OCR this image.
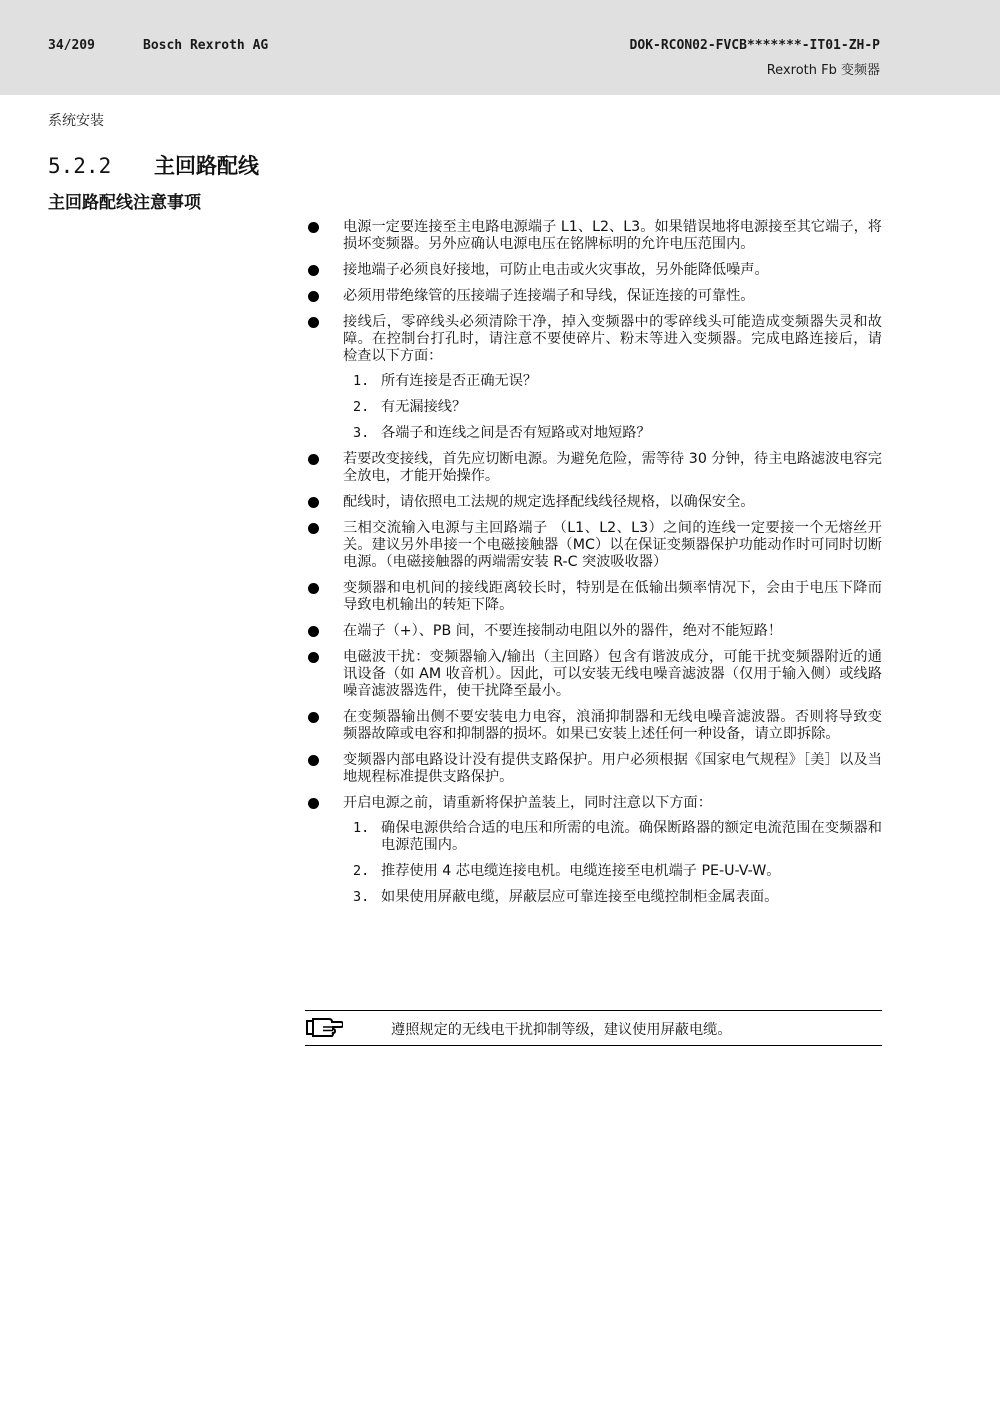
34/209	Bosch Rexroth AG	DOK-RCON02-FVCB*******-IT01-ZH-P
Rexroth Fb 变频器
系统安装
5.2.2 主回路配线
主回路配线注意事项
电源一定要连接至主电路电源端子 L1、L2、L3。如果错误地将电源接至其它端子，将损坏变频器。另外应确认电源电压在铭牌标明的允许电压范围内。
接地端子必须良好接地，可防止电击或火灾事故，另外能降低噪声。
必须用带绝缘管的压接端子连接端子和导线，保证连接的可靠性。
接线后，零碎线头必须清除干净，掉入变频器中的零碎线头可能造成变频器失灵和故障。在控制台打孔时，请注意不要使碎片、粉末等进入变频器。完成电路连接后，请检查以下方面：
1. 所有连接是否正确无误？
2. 有无漏接线？
3. 各端子和连线之间是否有短路或对地短路？
若要改变接线，首先应切断电源。为避免危险，需等待 30 分钟，待主电路滤波电容完全放电，才能开始操作。
配线时，请依照电工法规的规定选择配线线径规格，以确保安全。
三相交流输入电源与主回路端子 （L1、L2、L3）之间的连线一定要接一个无熔丝开关。建议另外串接一个电磁接触器（MC）以在保证变频器保护功能动作时可同时切断电源。（电磁接触器的两端需安装 R-C 突波吸收器）
变频器和电机间的接线距离较长时，特别是在低输出频率情况下，会由于电压下降而导致电机输出的转矩下降。
在端子（+）、PB 间，不要连接制动电阻以外的器件，绝对不能短路！
电磁波干扰：变频器输入/输出（主回路）包含有谐波成分，可能干扰变频器附近的通讯设备（如 AM 收音机）。因此，可以安装无线电噪音滤波器（仅用于输入侧）或线路噪音滤波器选件，使干扰降至最小。
在变频器输出侧不要安装电力电容，浪涌抑制器和无线电噪音滤波器。否则将导致变频器故障或电容和抑制器的损坏。如果已安装上述任何一种设备，请立即拆除。
变频器内部电路设计没有提供支路保护。用户必须根据《国家电气规程》［美］以及当地规程标准提供支路保护。
开启电源之前，请重新将保护盖装上，同时注意以下方面：
1. 确保电源供给合适的电压和所需的电流。确保断路器的额定电流范围在变频器和电源范围内。
2. 推荐使用 4 芯电缆连接电机。电缆连接至电机端子 PE-U-V-W。
3. 如果使用屏蔽电缆，屏蔽层应可靠连接至电缆控制柜金属表面。
遵照规定的无线电干扰抑制等级，建议使用屏蔽电缆。
